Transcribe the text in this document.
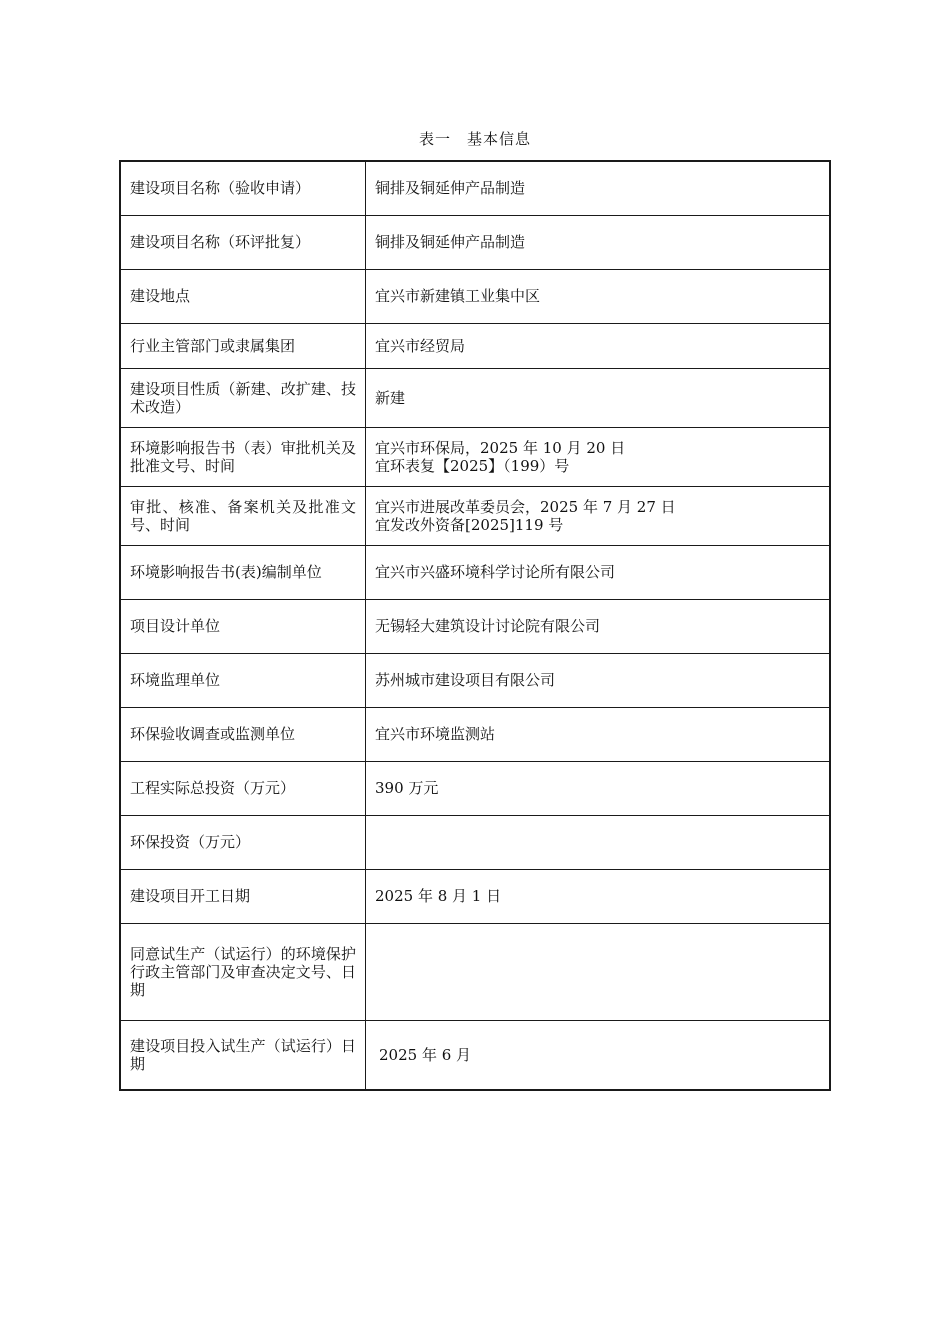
表一　基本信息
建设项目名称（验收申请）	铜排及铜延伸产品制造

建设项目名称（环评批复）	铜排及铜延伸产品制造

建设地点	宜兴市新建镇工业集中区

行业主管部门或隶属集团	宜兴市经贸局

建设项目性质（新建、改扩建、技术改造）	新建

环境影响报告书（表）审批机关及批准文号、时间	宜兴市环保局，2025 年 10 月 20 日
宜环表复【2025】（199）号

审批、核准、备案机关及批准文号、时间	宜兴市进展改革委员会，2025 年 7 月 27 日
宜发改外资备[2025]119 号

环境影响报告书(表)编制单位	宜兴市兴盛环境科学讨论所有限公司

项目设计单位	无锡轻大建筑设计讨论院有限公司

环境监理单位	苏州城市建设项目有限公司

环保验收调查或监测单位	宜兴市环境监测站

工程实际总投资（万元）	390 万元

环保投资（万元）	
建设项目开工日期	2025 年 8 月 1 日

同意试生产（试运行）的环境保护行政主管部门及审查决定文号、日期	
建设项目投入试生产（试运行）日期	2025 年 6 月
